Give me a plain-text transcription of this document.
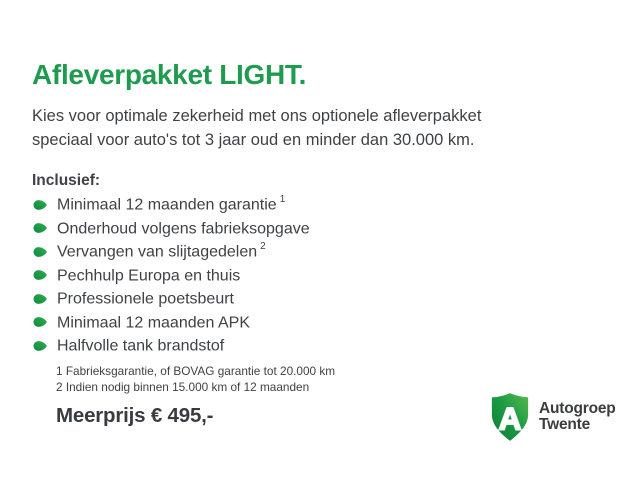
Afleverpakket LIGHT.
Kies voor optimale zekerheid met ons optionele afleverpakket
speciaal voor auto's tot 3 jaar oud en minder dan 30.000 km.
Inclusief:
Minimaal 12 maanden garantie $^1$
Onderhoud volgens fabrieksopgave
Vervangen van slijtagedelen $^2$
Pechhulp Europa en thuis
Professionele poetsbeurt
Minimaal 12 maanden APK
Halfvolle tank brandstof
1 Fabrieksgarantie, of BOVAG garantie tot 20.000 km
2 Indien nodig binnen 15.000 km of 12 maanden
Meerprijs € 495,-	A Autogroep
Twente
